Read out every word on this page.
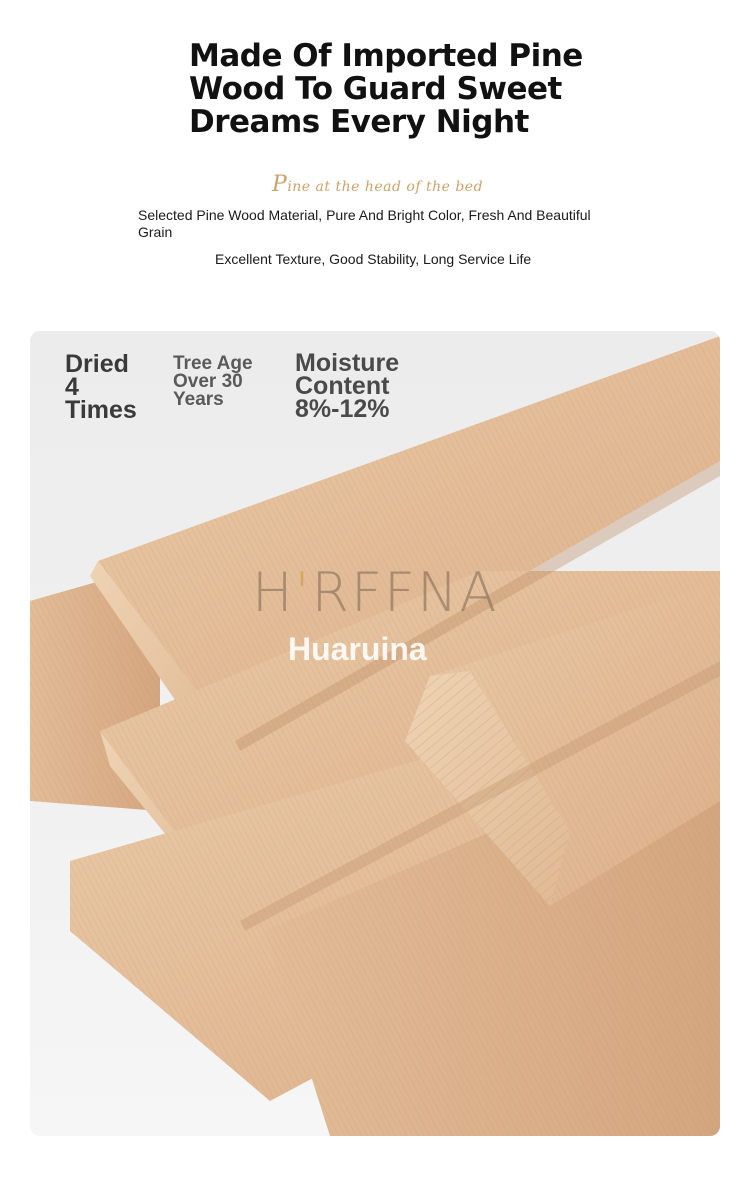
Made Of Imported Pine
Wood To Guard Sweet
Dreams Every Night
Pine at the head of the bed
Selected Pine Wood Material, Pure And Bright Color, Fresh And Beautiful Grain
Excellent Texture, Good Stability, Long Service Life
Dried
4
Times
Tree Age
Over 30
Years
Moisture
Content
8%-12%
H'RFFNA
Huaruina
